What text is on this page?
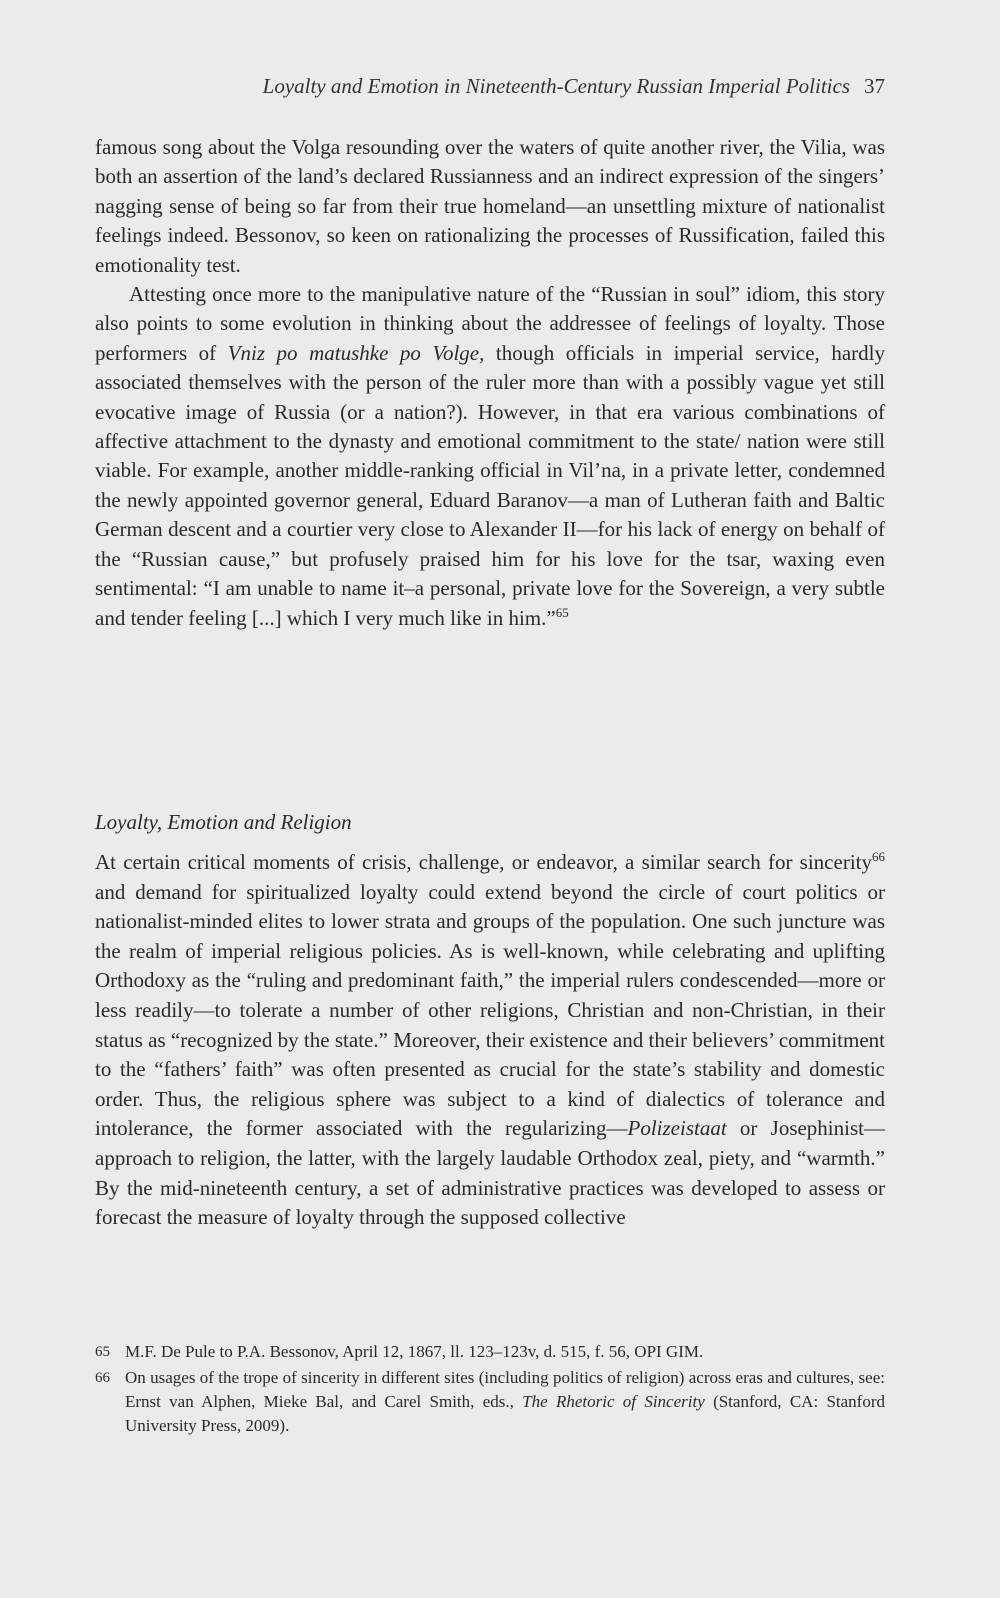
Loyalty and Emotion in Nineteenth-Century Russian Imperial Politics 37

famous song about the Volga resounding over the waters of quite another river, the Vilia, was both an assertion of the land’s declared Russianness and an indirect expression of the singers’ nagging sense of being so far from their true homeland—an unsettling mixture of nationalist feelings indeed. Bessonov, so keen on rationalizing the processes of Russification, failed this emotionality test.

Attesting once more to the manipulative nature of the “Russian in soul” idiom, this story also points to some evolution in thinking about the addressee of feelings of loyalty. Those performers of Vniz po matushke po Volge, though officials in imperial service, hardly associated themselves with the person of the ruler more than with a possibly vague yet still evocative image of Russia (or a nation?). However, in that era various combinations of affective attachment to the dynasty and emotional commitment to the state/ nation were still viable. For example, another middle-ranking official in Vil’na, in a private letter, condemned the newly appointed governor general, Eduard Baranov—a man of Lutheran faith and Baltic German descent and a courtier very close to Alexander II—for his lack of energy on behalf of the “Russian cause,” but profusely praised him for his love for the tsar, waxing even sentimental: “I am unable to name it–a personal, private love for the Sovereign, a very subtle and tender feeling [...] which I very much like in him.”$^{65}$

Loyalty, Emotion and Religion

At certain critical moments of crisis, challenge, or endeavor, a similar search for sincerity$^{66}$ and demand for spiritualized loyalty could extend beyond the circle of court politics or nationalist-minded elites to lower strata and groups of the population. One such juncture was the realm of imperial religious policies. As is well-known, while celebrating and uplifting Orthodoxy as the “ruling and predominant faith,” the imperial rulers condescended—more or less readily—to tolerate a number of other religions, Christian and non-Christian, in their status as “recognized by the state.” Moreover, their existence and their believers’ commitment to the “fathers’ faith” was often presented as crucial for the state’s stability and domestic order. Thus, the religious sphere was subject to a kind of dialectics of tolerance and intolerance, the former associated with the regularizing—Polizeistaat or Josephinist—approach to religion, the latter, with the largely laudable Orthodox zeal, piety, and “warmth.” By the mid-nineteenth century, a set of administrative practices was developed to assess or forecast the measure of loyalty through the supposed collective

65 M.F. De Pule to P.A. Bessonov, April 12, 1867, ll. 123–123v, d. 515, f. 56, OPI GIM.
66 On usages of the trope of sincerity in different sites (including politics of religion) across eras and cultures, see: Ernst van Alphen, Mieke Bal, and Carel Smith, eds., The Rhetoric of Sincerity (Stanford, CA: Stanford University Press, 2009).
